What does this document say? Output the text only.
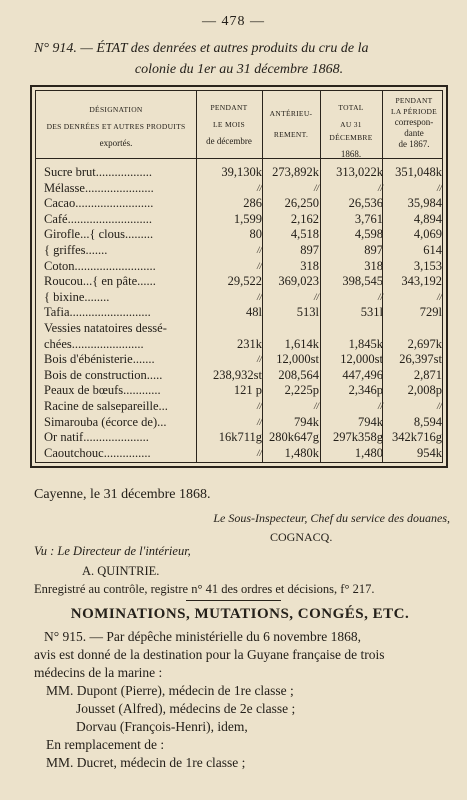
— 478 —
N° 914. — ÉTAT des denrées et autres produits du cru de la
colonie du 1er au 31 décembre 1868.
DÉSIGNATION
DES DENRÉES ET AUTRES PRODUITS
exportés.
PENDANT
LE MOIS
de décembre
ANTÉRIEU-
REMENT.
TOTAL
AU 31 DÉCEMBRE
1868.
PENDANT
LA PÉRIODE
correspon-
dante
de 1867.
Sucre brut..................	39,130k 273,892k	313,022k 351,048k
Mélasse......................	//	//	//	//
Cacao.........................	286	26,250	26,536	35,984
Café...........................	1,599	2,162	3,761	4,894
Girofle...{ clous.........	80	4,518	4,598	4,069
{ griffes.......	//	897	897	614
Coton..........................	//	318	318	3,153
Roucou...{ en pâte......	29,522	369,023	398,545	343,192
{ bixine........	//	//	//	//
Tafia..........................	48l	513l	531l	729l
Vessies natatoires dessé-
chées.......................	231k	1,614k	1,845k	2,697k
Bois d'ébénisterie.......	//	12,000st	12,000st	26,397st
Bois de construction.....	238,932st	208,564	447,496	2,871
Peaux de bœufs............	121 p	2,225p	2,346p	2,008p
Racine de salsepareille...	//	//	//	//
Simarouba (écorce de)...	//	794k	794k	8,594
Or natif.....................	16k711g 280k647g	297k358g 342k716g
Caoutchouc...............	//	1,480k	1,480	954k
Cayenne, le 31 décembre 1868.
Le Sous-Inspecteur, Chef du service des douanes,
COGNACQ.
Vu : Le Directeur de l'intérieur,
A. QUINTRIE.
Enregistré au contrôle, registre n° 41 des ordres et décisions, f° 217.
NOMINATIONS, MUTATIONS, CONGÉS, ETC.
N° 915. — Par dépêche ministérielle du 6 novembre 1868,
avis est donné de la destination pour la Guyane française de trois
médecins de la marine :
MM. Dupont (Pierre), médecin de 1re classe ;
Jousset (Alfred), médecins de 2e classe ;
Dorvau (François-Henri), idem,
En remplacement de :
MM. Ducret, médecin de 1re classe ;
